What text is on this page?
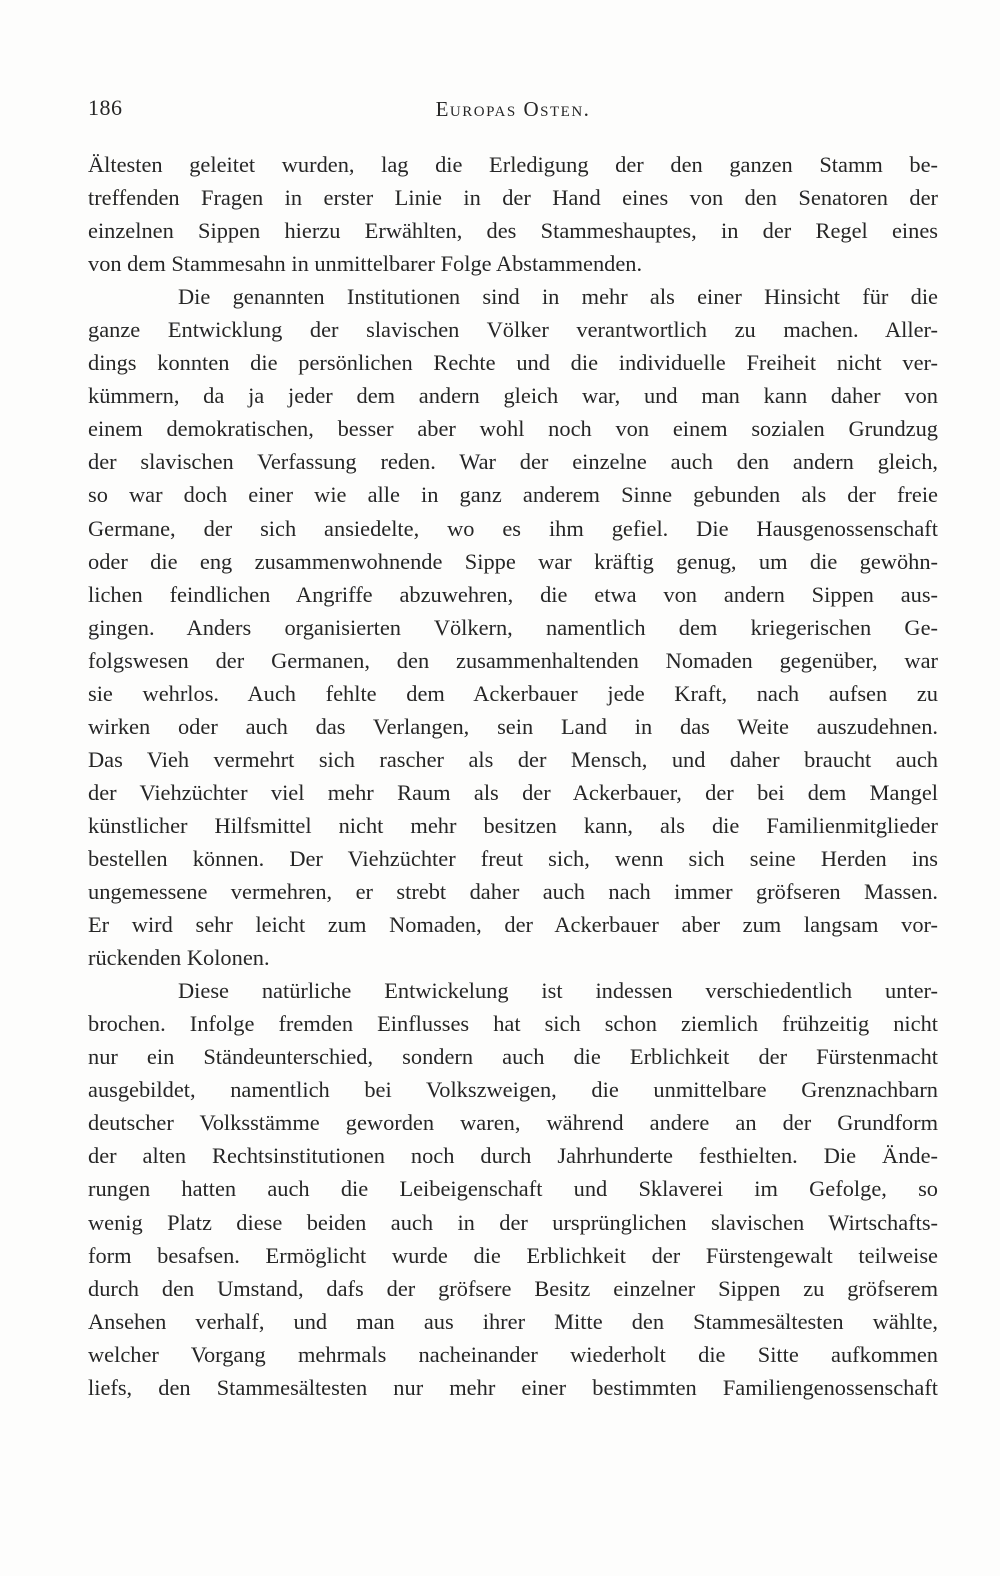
186	Europas Osten.
Ältesten geleitet wurden, lag die Erledigung der den ganzen Stamm be-
treffenden Fragen in erster Linie in der Hand eines von den Senatoren der
einzelnen Sippen hierzu Erwählten, des Stammeshauptes, in der Regel eines
von dem Stammesahn in unmittelbarer Folge Abstammenden.
Die genannten Institutionen sind in mehr als einer Hinsicht für die
ganze Entwicklung der slavischen Völker verantwortlich zu machen. Aller-
dings konnten die persönlichen Rechte und die individuelle Freiheit nicht ver-
kümmern, da ja jeder dem andern gleich war, und man kann daher von
einem demokratischen, besser aber wohl noch von einem sozialen Grundzug
der slavischen Verfassung reden. War der einzelne auch den andern gleich,
so war doch einer wie alle in ganz anderem Sinne gebunden als der freie
Germane, der sich ansiedelte, wo es ihm gefiel. Die Hausgenossenschaft
oder die eng zusammenwohnende Sippe war kräftig genug, um die gewöhn-
lichen feindlichen Angriffe abzuwehren, die etwa von andern Sippen aus-
gingen. Anders organisierten Völkern, namentlich dem kriegerischen Ge-
folgswesen der Germanen, den zusammenhaltenden Nomaden gegenüber, war
sie wehrlos. Auch fehlte dem Ackerbauer jede Kraft, nach aufsen zu
wirken oder auch das Verlangen, sein Land in das Weite auszudehnen.
Das Vieh vermehrt sich rascher als der Mensch, und daher braucht auch
der Viehzüchter viel mehr Raum als der Ackerbauer, der bei dem Mangel
künstlicher Hilfsmittel nicht mehr besitzen kann, als die Familienmitglieder
bestellen können. Der Viehzüchter freut sich, wenn sich seine Herden ins
ungemessene vermehren, er strebt daher auch nach immer gröfseren Massen.
Er wird sehr leicht zum Nomaden, der Ackerbauer aber zum langsam vor-
rückenden Kolonen.
Diese natürliche Entwickelung ist indessen verschiedentlich unter-
brochen. Infolge fremden Einflusses hat sich schon ziemlich frühzeitig nicht
nur ein Ständeunterschied, sondern auch die Erblichkeit der Fürstenmacht
ausgebildet, namentlich bei Volkszweigen, die unmittelbare Grenznachbarn
deutscher Volksstämme geworden waren, während andere an der Grundform
der alten Rechtsinstitutionen noch durch Jahrhunderte festhielten. Die Ände-
rungen hatten auch die Leibeigenschaft und Sklaverei im Gefolge, so
wenig Platz diese beiden auch in der ursprünglichen slavischen Wirtschafts-
form besafsen. Ermöglicht wurde die Erblichkeit der Fürstengewalt teilweise
durch den Umstand, dafs der gröfsere Besitz einzelner Sippen zu gröfserem
Ansehen verhalf, und man aus ihrer Mitte den Stammesältesten wählte,
welcher Vorgang mehrmals nacheinander wiederholt die Sitte aufkommen
liefs, den Stammesältesten nur mehr einer bestimmten Familiengenossenschaft
